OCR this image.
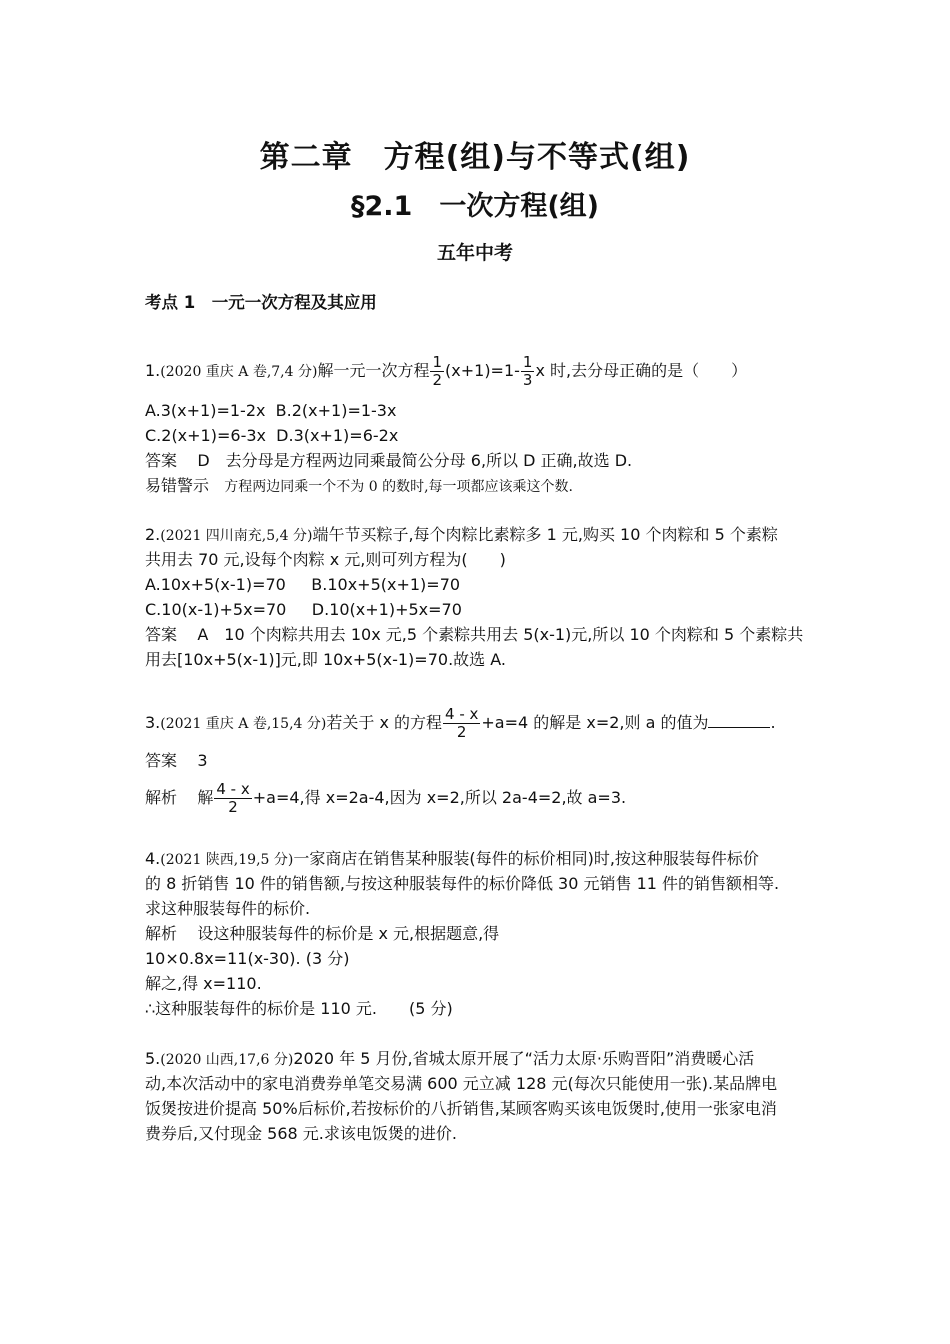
第二章　方程(组)与不等式(组)
§2.1　一次方程(组)
五年中考
考点 1　一元一次方程及其应用
1.(2020 重庆 A 卷,7,4 分)解一元一次方程 $\frac{1}{2} (x+1)=1- \frac{1}{3}$ x 时,去分母正确的是（　　）
A.3(x+1)=1-2x B.2(x+1)=1-3x
C.2(x+1)=6-3x D.3(x+1)=6-2x
答案 D　去分母是方程两边同乘最简公分母 6,所以 D 正确,故选 D.
易错警示 方程两边同乘一个不为 0 的数时,每一项都应该乘这个数.
2.(2021 四川南充,5,4 分)端午节买粽子,每个肉粽比素粽多 1 元,购买 10 个肉粽和 5 个素粽
共用去 70 元,设每个肉粽 x 元,则可列方程为(　　)
A.10x+5(x-1)=70 B.10x+5(x+1)=70
C.10(x-1)+5x=70 D.10(x+1)+5x=70
答案 A　10 个肉粽共用去 10x 元,5 个素粽共用去 5(x-1)元,所以 10 个肉粽和 5 个素粽共
用去[10x+5(x-1)]元,即 10x+5(x-1)=70.故选 A.
3.(2021 重庆 A 卷,15,4 分)若关于 x 的方程 $\frac{4 - x}{2} +a=4$ 的解是 x=2,则 a 的值为	.
答案 3
解析 解 $\frac{4 - x}{2} +a=4$,得 x=2a-4,因为 x=2,所以 2a-4=2,故 a=3.
4.(2021 陕西,19,5 分)一家商店在销售某种服装(每件的标价相同)时,按这种服装每件标价
的 8 折销售 10 件的销售额,与按这种服装每件的标价降低 30 元销售 11 件的销售额相等.
求这种服装每件的标价.
解析 设这种服装每件的标价是 x 元,根据题意,得
10×0.8x=11(x-30). (3 分)
解之,得 x=110.
∴这种服装每件的标价是 110 元.　　(5 分)
5.(2020 山西,17,6 分)2020 年 5 月份,省城太原开展了“活力太原·乐购晋阳”消费暖心活
动,本次活动中的家电消费券单笔交易满 600 元立减 128 元(每次只能使用一张).某品牌电
饭煲按进价提高 50%后标价,若按标价的八折销售,某顾客购买该电饭煲时,使用一张家电消
费券后,又付现金 568 元.求该电饭煲的进价.
